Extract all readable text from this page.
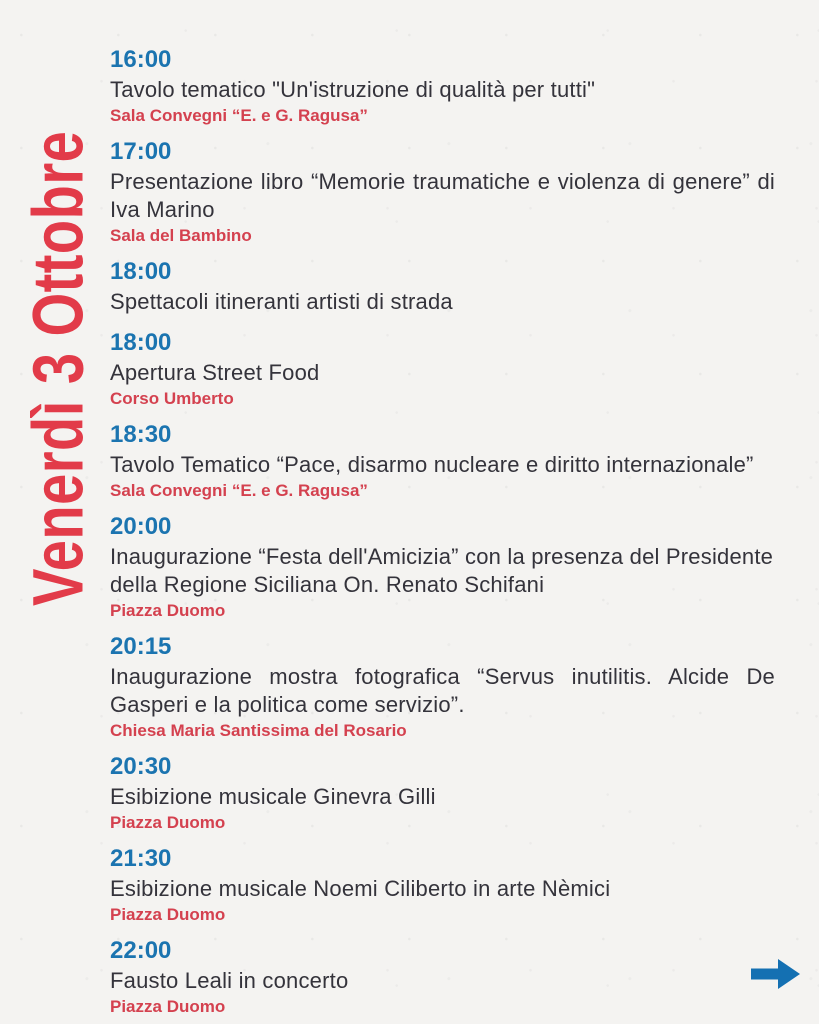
Venerdì 3 Ottobre
16:00
Tavolo tematico "Un'istruzione di qualità per tutti"
Sala Convegni “E. e G. Ragusa”
17:00
Presentazione libro “Memorie traumatiche e violenza di genere” di Iva Marino
Sala del Bambino
18:00
Spettacoli itineranti artisti di strada
18:00
Apertura Street Food
Corso Umberto
18:30
Tavolo Tematico “Pace, disarmo nucleare e diritto internazionale”
Sala Convegni “E. e G. Ragusa”
20:00
Inaugurazione “Festa dell'Amicizia” con la presenza del Presidente della Regione Siciliana On. Renato Schifani
Piazza Duomo
20:15
Inaugurazione mostra fotografica “Servus inutilitis. Alcide De Gasperi e la politica come servizio”.
Chiesa Maria Santissima del Rosario
20:30
Esibizione musicale Ginevra Gilli
Piazza Duomo
21:30
Esibizione musicale Noemi Ciliberto in arte Nèmici
Piazza Duomo
22:00
Fausto Leali in concerto
Piazza Duomo
